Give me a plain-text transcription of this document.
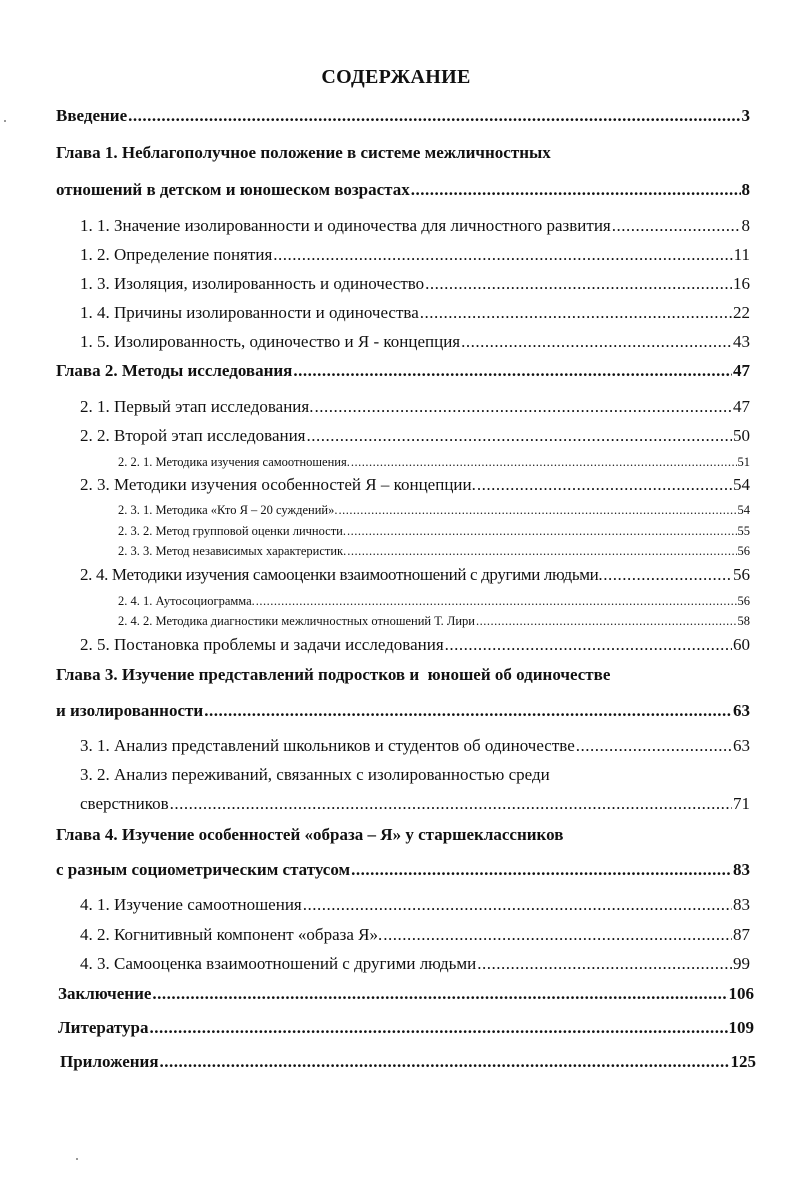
СОДЕРЖАНИЕ
Введение .....	3
Глава 1. Неблагополучное положение в системе межличностных
отношений в детском и юношеском возрастах .....	8
1. 1. Значение изолированности и одиночества для личностного развития .....	8
1. 2. Определение понятия .....	11
1. 3. Изоляция, изолированность и одиночество .....	16
1. 4. Причины изолированности и одиночества .....	22
1. 5. Изолированность, одиночество и Я - концепция .....	43
Глава 2. Методы исследования .....	47
2. 1. Первый этап исследования. .....	47
2. 2. Второй этап исследования .....	50
2. 2. 1. Методика изучения самоотношения. .....	51
2. 3. Методики изучения особенностей Я – концепции. .....	54
2. 3. 1. Методика «Кто Я – 20 суждений». .....	54
2. 3. 2. Метод групповой оценки личности. .....	55
2. 3. 3. Метод независимых характеристик. .....	56
2. 4. Методики изучения самооценки взаимоотношений с другими людьми. .....	56
2. 4. 1. Аутосоциограмма. .....	56
2. 4. 2. Методика диагностики межличностных отношений Т. Лири .....	58
2. 5. Постановка проблемы и задачи исследования .....	60
Глава 3. Изучение представлений подростков и  юношей об одиночестве
и изолированности .....	63
3. 1. Анализ представлений школьников и студентов об одиночестве .....	63
3. 2. Анализ переживаний, связанных с изолированностью среди
сверстников .....	71
Глава 4. Изучение особенностей «образа – Я» у старшеклассников
с разным социометрическим статусом .....	83
4. 1. Изучение самоотношения .....	83
4. 2. Когнитивный компонент «образа Я». .....	87
4. 3. Самооценка взаимоотношений с другими людьми .....	99
Заключение .....	106
Литература .....	109
Приложения .....	125
